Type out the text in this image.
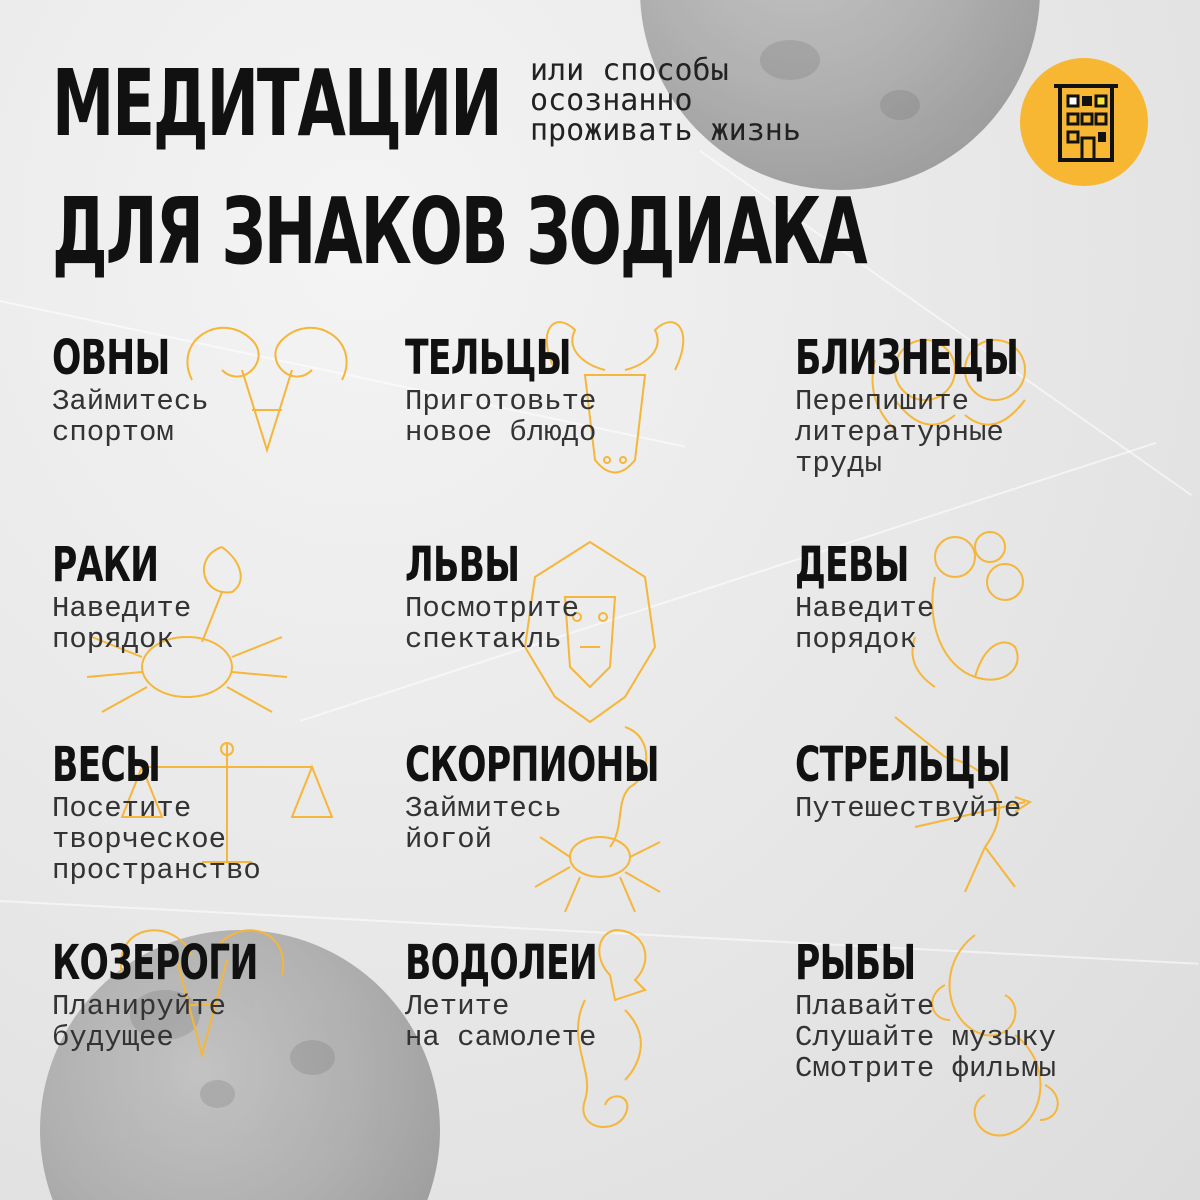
МЕДИТАЦИИ
ДЛЯ ЗНАКОВ ЗОДИАКА
или способы
осознанно
проживать жизнь
ОВНЫ
Займитесь
спортом
ТЕЛЬЦЫ
Приготовьте
новое блюдо
БЛИЗНЕЦЫ
Перепишите
литературные
труды
РАКИ
Наведите
порядок
ЛЬВЫ
Посмотрите
спектакль
ДЕВЫ
Наведите
порядок
ВЕСЫ
Посетите
творческое
пространство
СКОРПИОНЫ
Займитесь
йогой
СТРЕЛЬЦЫ
Путешествуйте
КОЗЕРОГИ
Планируйте
будущее
ВОДОЛЕИ
Летите
на самолете
РЫБЫ
Плавайте
Слушайте музыку
Смотрите фильмы
